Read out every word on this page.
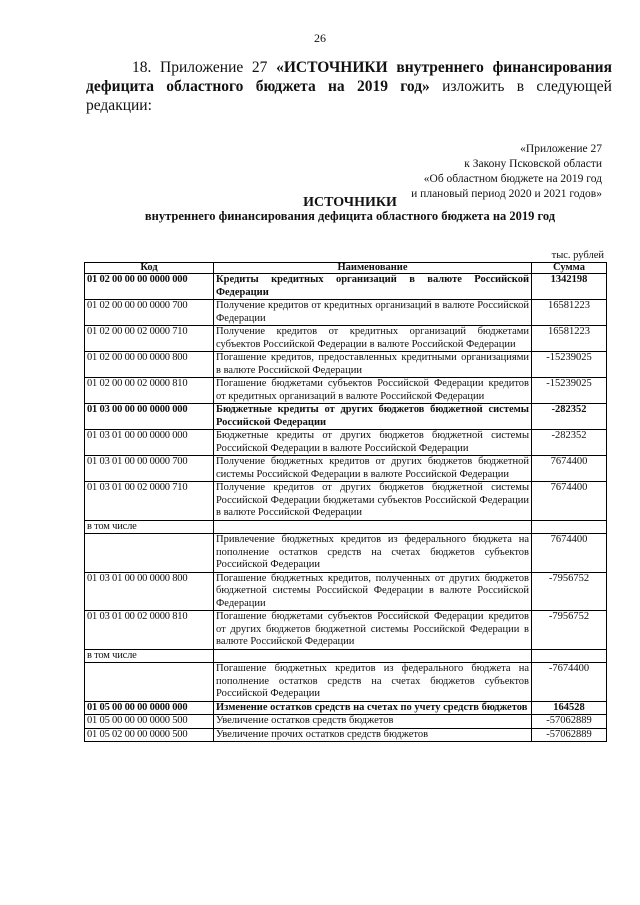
26
18. Приложение 27 «ИСТОЧНИКИ внутреннего финансирования дефицита областного бюджета на 2019 год» изложить в следующей редакции:
«Приложение 27
к Закону Псковской области
«Об областном бюджете на 2019 год
и плановый период 2020 и 2021 годов»
ИСТОЧНИКИ
внутреннего финансирования дефицита областного бюджета на 2019 год
тыс. рублей
Код	Наименование	Сумма
01 02 00 00 00 0000 000	Кредиты кредитных организаций в валюте Российской Федерации	1342198
01 02 00 00 00 0000 700	Получение кредитов от кредитных организаций в валюте Российской Федерации	16581223
01 02 00 00 02 0000 710	Получение кредитов от кредитных организаций бюджетами субъектов Российской Федерации в валюте Российской Федерации	16581223
01 02 00 00 00 0000 800	Погашение кредитов, предоставленных кредитными организациями в валюте Российской Федерации	-15239025
01 02 00 00 02 0000 810	Погашение бюджетами субъектов Российской Федерации кредитов от кредитных организаций в валюте Российской Федерации	-15239025
01 03 00 00 00 0000 000	Бюджетные кредиты от других бюджетов бюджетной системы Российской Федерации	-282352
01 03 01 00 00 0000 000	Бюджетные кредиты от других бюджетов бюджетной системы Российской Федерации в валюте Российской Федерации	-282352
01 03 01 00 00 0000 700	Получение бюджетных кредитов от других бюджетов бюджетной системы Российской Федерации в валюте Российской Федерации	7674400
01 03 01 00 02 0000 710	Получение кредитов от других бюджетов бюджетной системы Российской Федерации бюджетами субъектов Российской Федерации в валюте Российской Федерации	7674400
в том числе		
	Привлечение бюджетных кредитов из федерального бюджета на пополнение остатков средств на счетах бюджетов субъектов Российской Федерации	7674400
01 03 01 00 00 0000 800	Погашение бюджетных кредитов, полученных от других бюджетов бюджетной системы Российской Федерации в валюте Российской Федерации	-7956752
01 03 01 00 02 0000 810	Погашение бюджетами субъектов Российской Федерации кредитов от других бюджетов бюджетной системы Российской Федерации в валюте Российской Федерации	-7956752
в том числе		
	Погашение бюджетных кредитов из федерального бюджета на пополнение остатков средств на счетах бюджетов субъектов Российской Федерации	-7674400
01 05 00 00 00 0000 000	Изменение остатков средств на счетах по учету средств бюджетов	164528
01 05 00 00 00 0000 500	Увеличение остатков средств бюджетов	-57062889
01 05 02 00 00 0000 500	Увеличение прочих остатков средств бюджетов	-57062889
